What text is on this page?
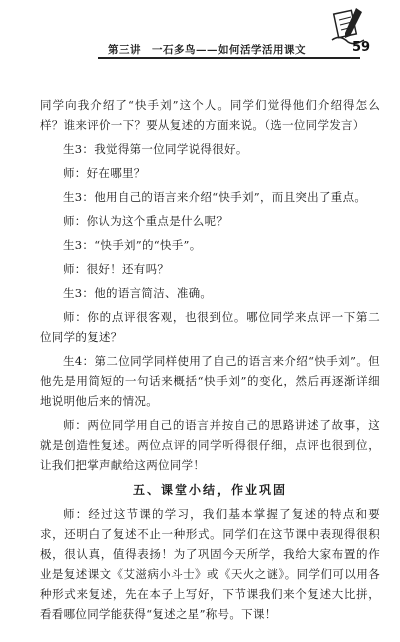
第三讲　一石多鸟——如何活学活用课文	59

同学向我介绍了“快手刘”这个人。同学们觉得他们介绍得怎么样？谁来评价一下？要从复述的方面来说。（选一位同学发言）

生3：我觉得第一位同学说得很好。

师：好在哪里？

生3：他用自己的语言来介绍“快手刘”，而且突出了重点。

师：你认为这个重点是什么呢？

生3：“快手刘”的“快手”。

师：很好！还有吗？

生3：他的语言简洁、准确。

师：你的点评很客观，也很到位。哪位同学来点评一下第二位同学的复述？

生4：第二位同学同样使用了自己的语言来介绍“快手刘”。但他先是用简短的一句话来概括“快手刘”的变化，然后再逐渐详细地说明他后来的情况。

师：两位同学用自己的语言并按自己的思路讲述了故事，这就是创造性复述。两位点评的同学听得很仔细，点评也很到位，让我们把掌声献给这两位同学！

五、课堂小结，作业巩固

师：经过这节课的学习，我们基本掌握了复述的特点和要求，还明白了复述不止一种形式。同学们在这节课中表现得很积极，很认真，值得表扬！为了巩固今天所学，我给大家布置的作业是复述课文《艾滋病小斗士》或《天火之谜》。同学们可以用各种形式来复述，先在本子上写好，下节课我们来个复述大比拼，看看哪位同学能获得“复述之星”称号。下课！
